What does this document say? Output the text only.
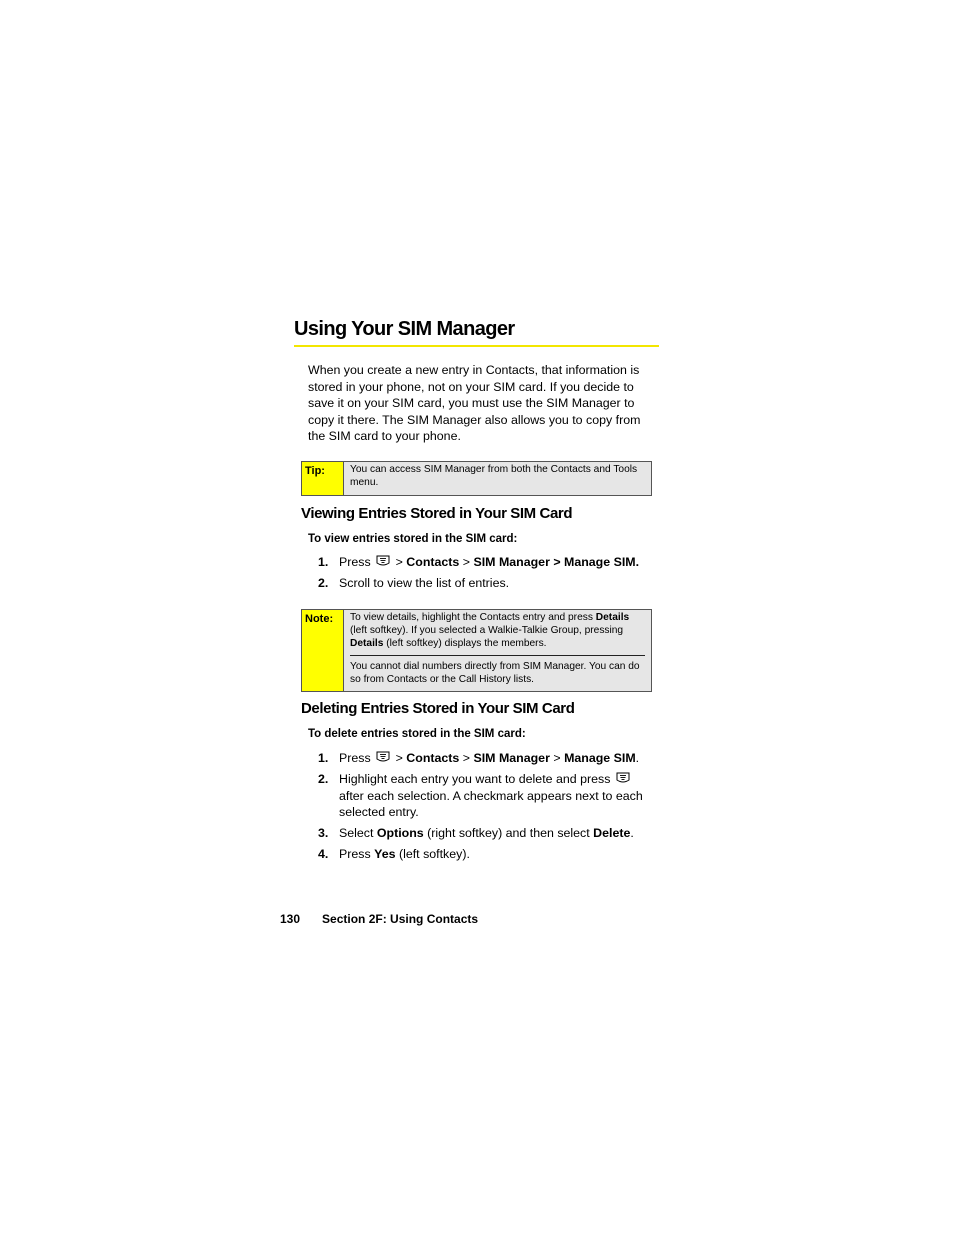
Using Your SIM Manager

When you create a new entry in Contacts, that information is stored in your phone, not on your SIM card. If you decide to save it on your SIM card, you must use the SIM Manager to copy it there. The SIM Manager also allows you to copy from the SIM card to your phone.

Tip:	You can access SIM Manager from both the Contacts and Tools menu.

Viewing Entries Stored in Your SIM Card

To view entries stored in the SIM card:

1. Press > Contacts > SIM Manager > Manage SIM.
2. Scroll to view the list of entries.
Note:	To view details, highlight the Contacts entry and press Details (left softkey). If you selected a Walkie-Talkie Group, pressing Details (left softkey) displays the members.

You cannot dial numbers directly from SIM Manager. You can do so from Contacts or the Call History lists.

Deleting Entries Stored in Your SIM Card

To delete entries stored in the SIM card:

1. Press > Contacts > SIM Manager > Manage SIM.
2. Highlight each entry you want to delete and press  after each selection. A checkmark appears next to each selected entry.
3. Select Options (right softkey) and then select Delete.
4. Press Yes (left softkey).
130 Section 2F: Using Contacts
